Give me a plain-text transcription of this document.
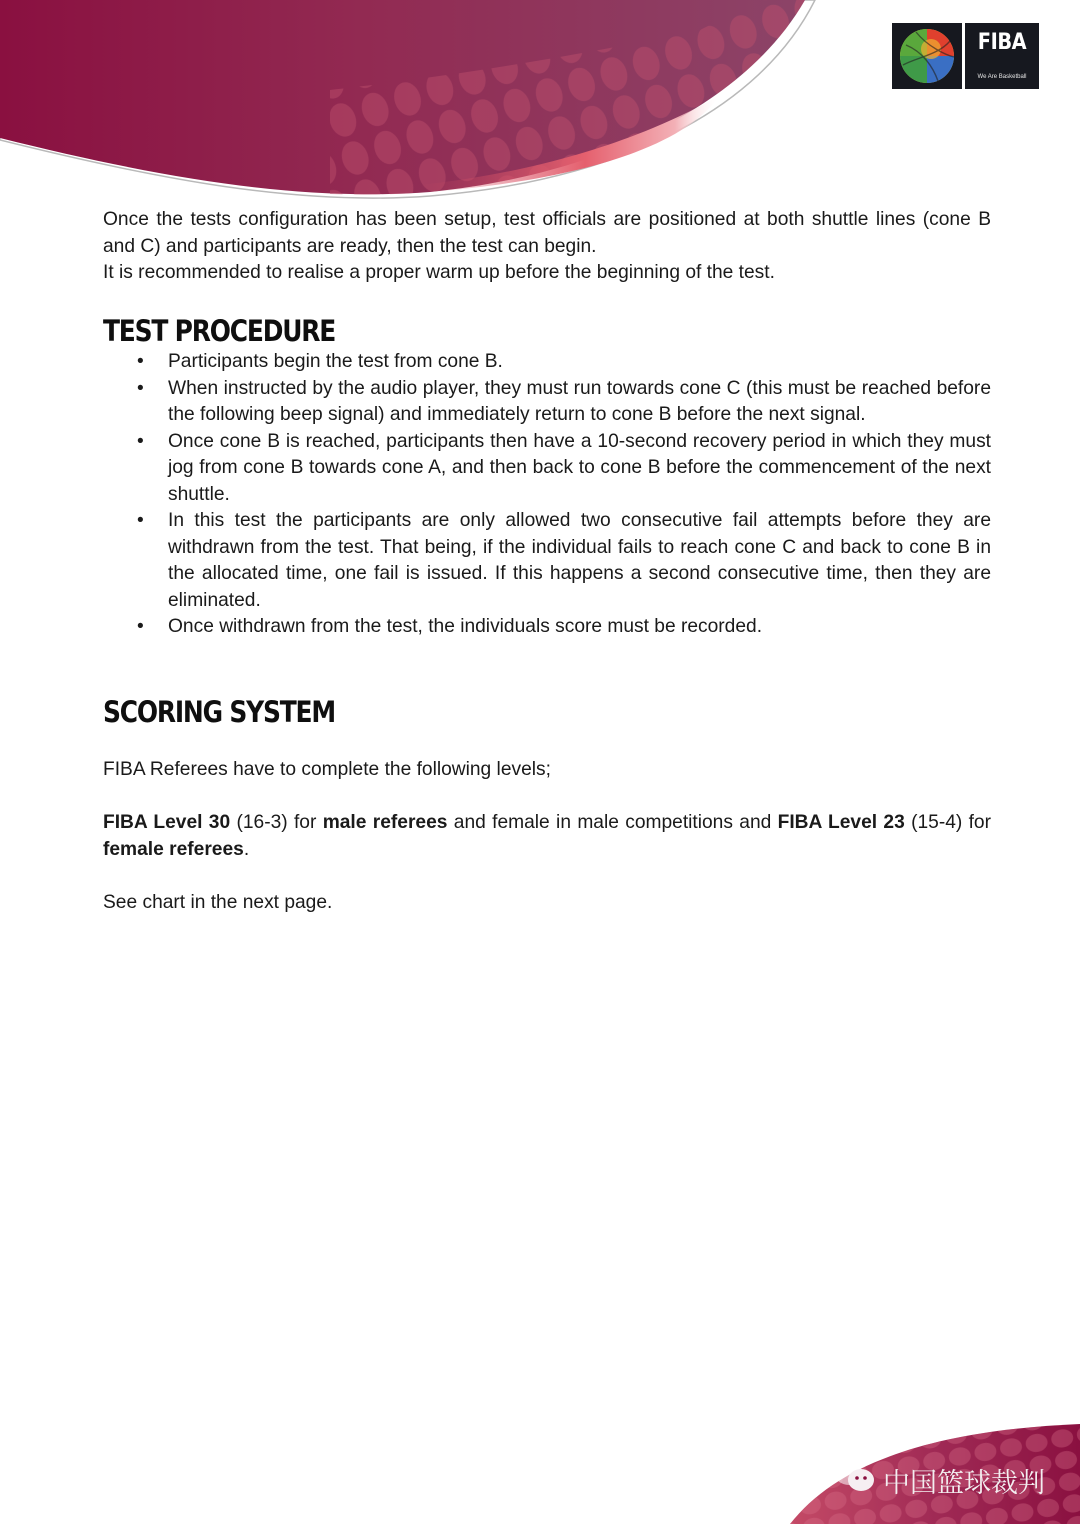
FIBA
We Are Basketball

Once the tests configuration has been setup, test officials are positioned at both shuttle lines (cone B and C) and participants are ready, then the test can begin.

It is recommended to realise a proper warm up before the beginning of the test.

TEST PROCEDURE
• Participants begin the test from cone B.
• When instructed by the audio player, they must run towards cone C (this must be reached before the following beep signal) and immediately return to cone B before the next signal.
• Once cone B is reached, participants then have a 10-second recovery period in which they must jog from cone B towards cone A, and then back to cone B before the commencement of the next shuttle.
• In this test the participants are only allowed two consecutive fail attempts before they are withdrawn from the test. That being, if the individual fails to reach cone C and back to cone B in the allocated time, one fail is issued. If this happens a second consecutive time, then they are eliminated.
• Once withdrawn from the test, the individuals score must be recorded.
SCORING SYSTEM

FIBA Referees have to complete the following levels;

FIBA Level 30 (16-3) for male referees and female in male competitions and FIBA Level 23 (15-4) for female referees.

See chart in the next page.

中国篮球裁判
